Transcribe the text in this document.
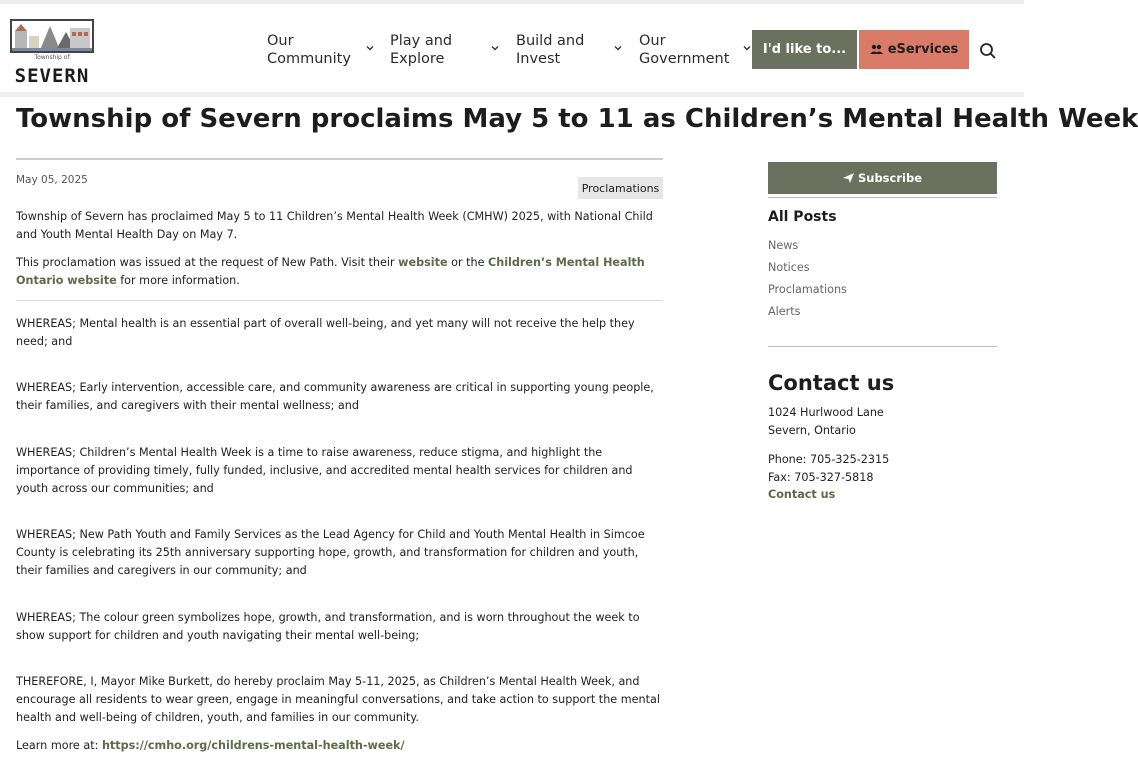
Township of
SEVERN
Our
Community
Play and
Explore
Build and
Invest
Our
Government
I'd like to...	eServices
Township of Severn proclaims May 5 to 11 as Children’s Mental Health Week
May 05, 2025
Proclamations
Township of Severn has proclaimed May 5 to 11 Children’s Mental Health Week (CMHW) 2025, with National Child and Youth Mental Health Day on May 7.
This proclamation was issued at the request of New Path. Visit their website or the Children’s Mental Health Ontario website for more information.
WHEREAS; Mental health is an essential part of overall well-being, and yet many will not receive the help they need; and
WHEREAS; Early intervention, accessible care, and community awareness are critical in supporting young people, their families, and caregivers with their mental wellness; and
WHEREAS; Children’s Mental Health Week is a time to raise awareness, reduce stigma, and highlight the importance of providing timely, fully funded, inclusive, and accredited mental health services for children and youth across our communities; and
WHEREAS; New Path Youth and Family Services as the Lead Agency for Child and Youth Mental Health in Simcoe County is celebrating its 25th anniversary supporting hope, growth, and transformation for children and youth, their families and caregivers in our community; and
WHEREAS; The colour green symbolizes hope, growth, and transformation, and is worn throughout the week to show support for children and youth navigating their mental well-being;
THEREFORE, I, Mayor Mike Burkett, do hereby proclaim May 5-11, 2025, as Children’s Mental Health Week, and encourage all residents to wear green, engage in meaningful conversations, and take action to support the mental health and well-being of children, youth, and families in our community.
Learn more at: https://cmho.org/childrens-mental-health-week/
Subscribe
All Posts
News
Notices
Proclamations
Alerts
Contact us
1024 Hurlwood Lane
Severn, Ontario
Phone: 705-325-2315
Fax: 705-327-5818
Contact us
